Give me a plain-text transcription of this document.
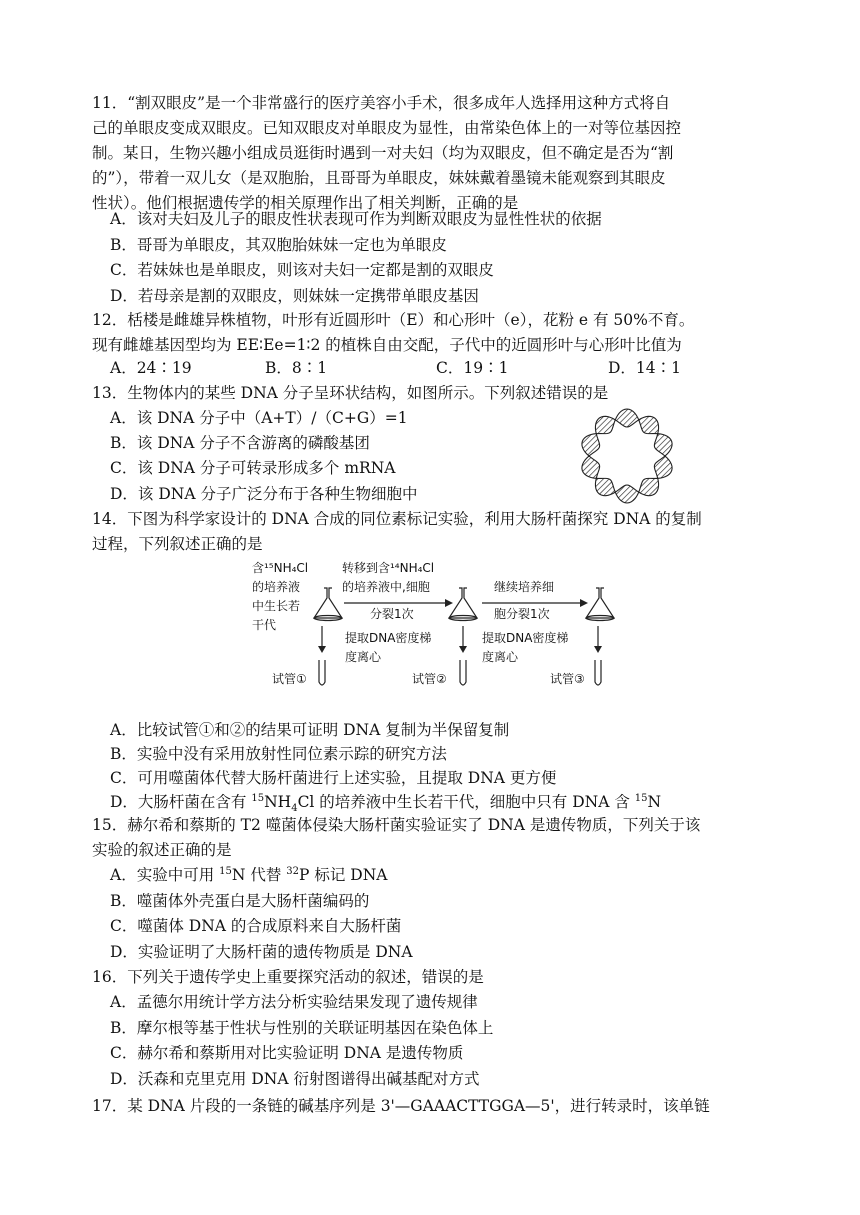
11．“割双眼皮”是一个非常盛行的医疗美容小手术，很多成年人选择用这种方式将自
己的单眼皮变成双眼皮。已知双眼皮对单眼皮为显性，由常染色体上的一对等位基因控
制。某日，生物兴趣小组成员逛街时遇到一对夫妇（均为双眼皮，但不确定是否为“割
的”），带着一双儿女（是双胞胎，且哥哥为单眼皮，妹妹戴着墨镜未能观察到其眼皮
性状）。他们根据遗传学的相关原理作出了相关判断，正确的是
A．该对夫妇及儿子的眼皮性状表现可作为判断双眼皮为显性性状的依据
B．哥哥为单眼皮，其双胞胎妹妹一定也为单眼皮
C．若妹妹也是单眼皮，则该对夫妇一定都是割的双眼皮
D．若母亲是割的双眼皮，则妹妹一定携带单眼皮基因
12．栝楼是雌雄异株植物，叶形有近圆形叶（E）和心形叶（e），花粉 e 有 50%不育。
现有雌雄基因型均为 EE∶Ee=1∶2 的植株自由交配，子代中的近圆形叶与心形叶比值为
A．24∶19	B．8∶1	C．19∶1	D．14∶1
13．生物体内的某些 DNA 分子呈环状结构，如图所示。下列叙述错误的是
A．该 DNA 分子中（A+T）/（C+G）=1
B．该 DNA 分子不含游离的磷酸基团
C．该 DNA 分子可转录形成多个 mRNA
D．该 DNA 分子广泛分布于各种生物细胞中
14．下图为科学家设计的 DNA 合成的同位素标记实验，利用大肠杆菌探究 DNA 的复制
过程，下列叙述正确的是
含¹⁵NH₄Cl
的培养液
中生长若
干代
转移到含¹⁴NH₄Cl
的培养液中,细胞
分裂1次
继续培养细
胞分裂1次
提取DNA密度梯
度离心
提取DNA密度梯
度离心
试管①	试管②	试管③
A．比较试管①和②的结果可证明 DNA 复制为半保留复制
B．实验中没有采用放射性同位素示踪的研究方法
C．可用噬菌体代替大肠杆菌进行上述实验，且提取 DNA 更方便
D．大肠杆菌在含有 $^{15}NH_4Cl$ 的培养液中生长若干代，细胞中只有 DNA 含 $^{15}$N
15．赫尔希和蔡斯的 T2 噬菌体侵染大肠杆菌实验证实了 DNA 是遗传物质，下列关于该
实验的叙述正确的是
A．实验中可用 $^{15}$N 代替 $^{32}$P 标记 DNA
B．噬菌体外壳蛋白是大肠杆菌编码的
C．噬菌体 DNA 的合成原料来自大肠杆菌
D．实验证明了大肠杆菌的遗传物质是 DNA
16．下列关于遗传学史上重要探究活动的叙述，错误的是
A．孟德尔用统计学方法分析实验结果发现了遗传规律
B．摩尔根等基于性状与性别的关联证明基因在染色体上
C．赫尔希和蔡斯用对比实验证明 DNA 是遗传物质
D．沃森和克里克用 DNA 衍射图谱得出碱基配对方式
17．某 DNA 片段的一条链的碱基序列是 3'—GAAACTTGGA—5'，进行转录时，该单链
